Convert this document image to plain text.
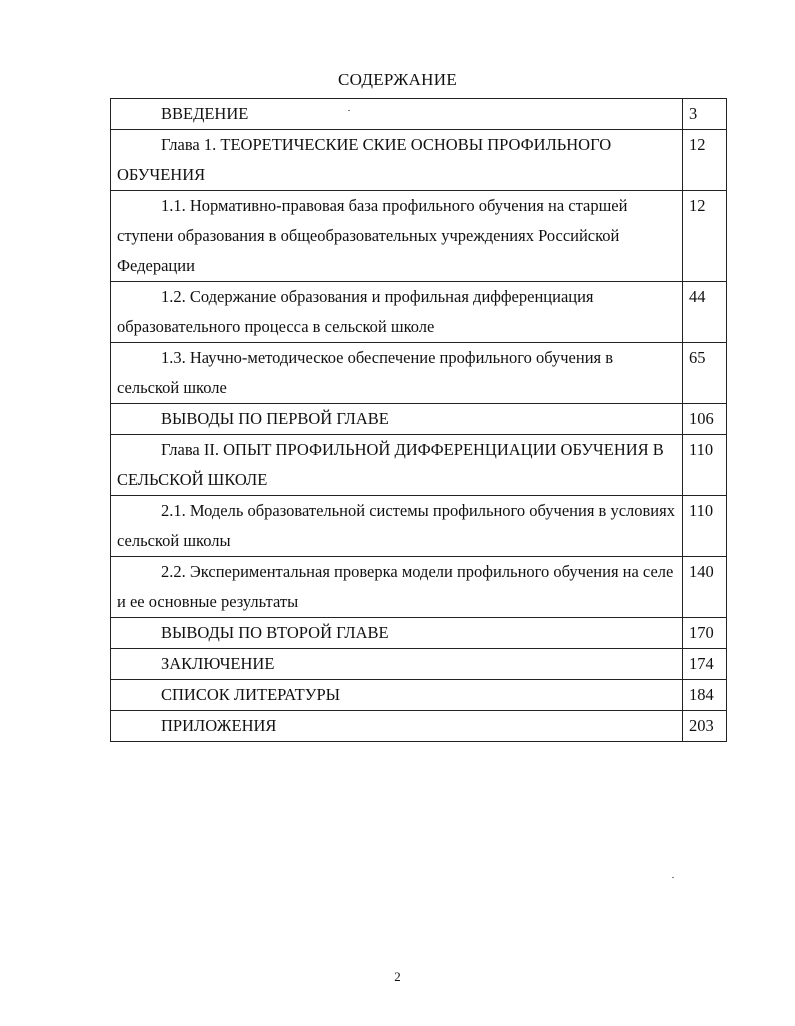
СОДЕРЖАНИЕ
ВВЕДЕНИЕ	3
Глава 1. ТЕОРЕТИЧЕСКИЕ СКИЕ ОСНОВЫ ПРОФИЛЬНОГО ОБУЧЕНИЯ	12
1.1. Нормативно-правовая база профильного обучения на старшей ступени образования в общеобразовательных учреждениях Российской Федерации	12
1.2. Содержание образования и профильная дифференциация образовательного процесса в сельской школе	44
1.3. Научно-методическое обеспечение профильного обучения в сельской школе	65
ВЫВОДЫ ПО ПЕРВОЙ ГЛАВЕ	106
Глава II. ОПЫТ ПРОФИЛЬНОЙ ДИФФЕРЕНЦИАЦИИ ОБУЧЕНИЯ В СЕЛЬСКОЙ ШКОЛЕ	110
2.1. Модель образовательной системы профильного обучения в условиях сельской школы	110
2.2. Экспериментальная проверка модели профильного обучения на селе и ее основные результаты	140
ВЫВОДЫ ПО ВТОРОЙ ГЛАВЕ	170
ЗАКЛЮЧЕНИЕ	174
СПИСОК ЛИТЕРАТУРЫ	184
ПРИЛОЖЕНИЯ	203
2
